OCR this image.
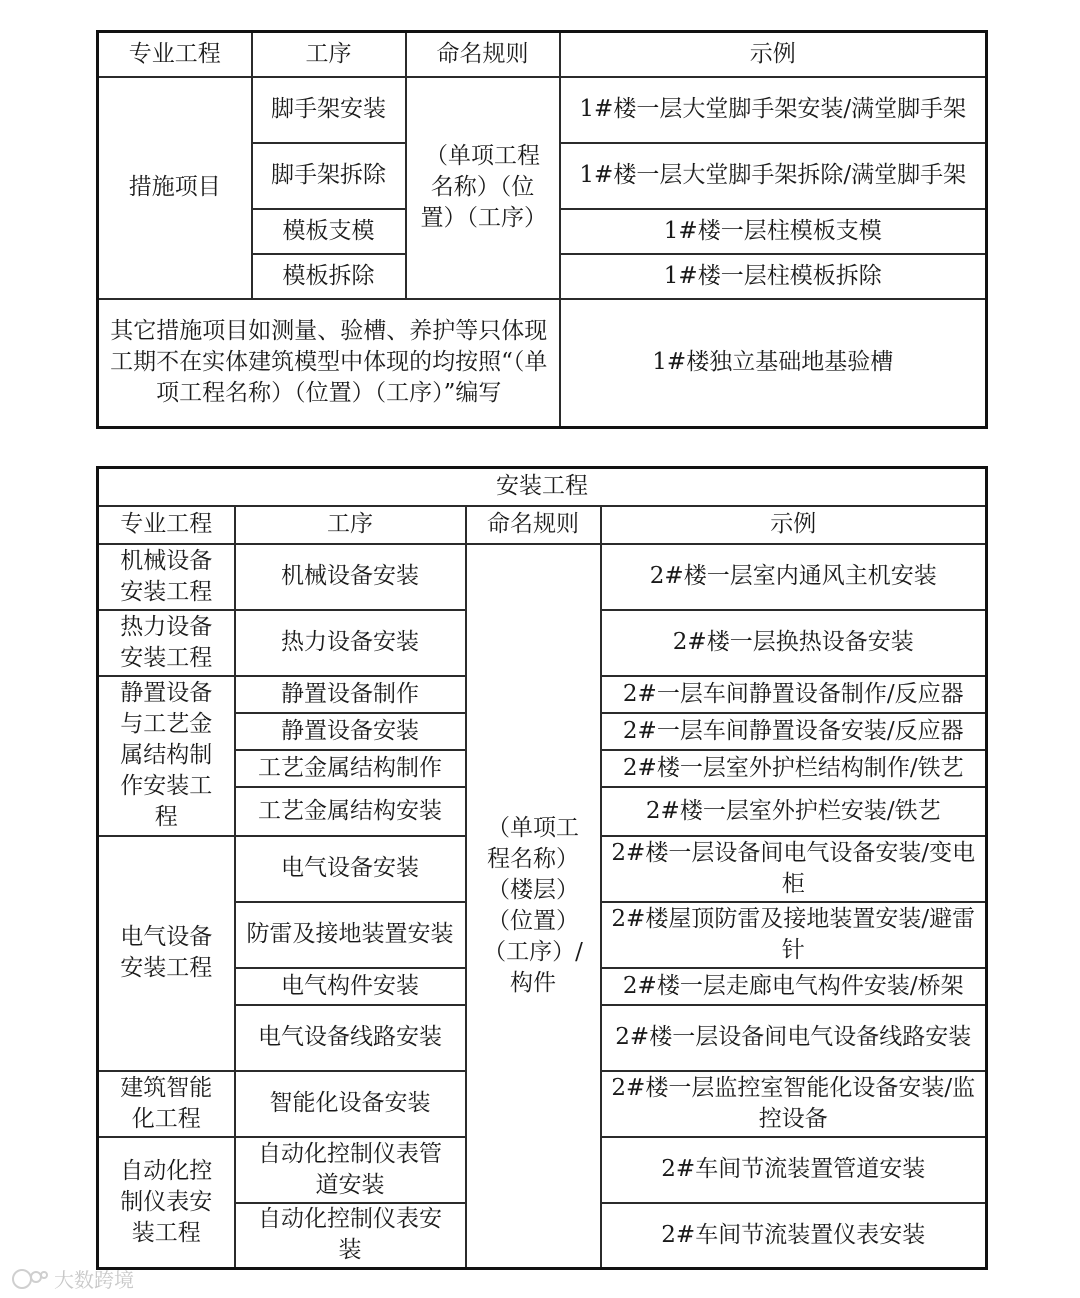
专业工程	工序	命名规则	示例
措施项目	脚手架安装	（单项工程名称）（位置）（工序）	1#楼一层大堂脚手架安装/满堂脚手架
	脚手架拆除		1#楼一层大堂脚手架拆除/满堂脚手架
	模板支模		1#楼一层柱模板支模
	模板拆除		1#楼一层柱模板拆除
其它措施项目如测量、验槽、养护等只体现工期不在实体建筑模型中体现的均按照“（单项工程名称）（位置）（工序）”编写			1#楼独立基础地基验槽
安装工程			
专业工程	工序	命名规则	示例
机械设备安装工程	机械设备安装	（单项工程名称）（楼层）（位置）（工序）/构件	2#楼一层室内通风主机安装
热力设备安装工程	热力设备安装		2#楼一层换热设备安装
静置设备与工艺金属结构制作安装工程	静置设备制作		2#一层车间静置设备制作/反应器
	静置设备安装		2#一层车间静置设备安装/反应器
	工艺金属结构制作		2#楼一层室外护栏结构制作/铁艺
	工艺金属结构安装		2#楼一层室外护栏安装/铁艺
电气设备安装工程	电气设备安装		2#楼一层设备间电气设备安装/变电柜
	防雷及接地装置安装		2#楼屋顶防雷及接地装置安装/避雷针
	电气构件安装		2#楼一层走廊电气构件安装/桥架
	电气设备线路安装		2#楼一层设备间电气设备线路安装
建筑智能化工程	智能化设备安装		2#楼一层监控室智能化设备安装/监控设备
自动化控制仪表安装工程	自动化控制仪表管道安装		2#车间节流装置管道安装
	自动化控制仪表安装		2#车间节流装置仪表安装
大数跨境
